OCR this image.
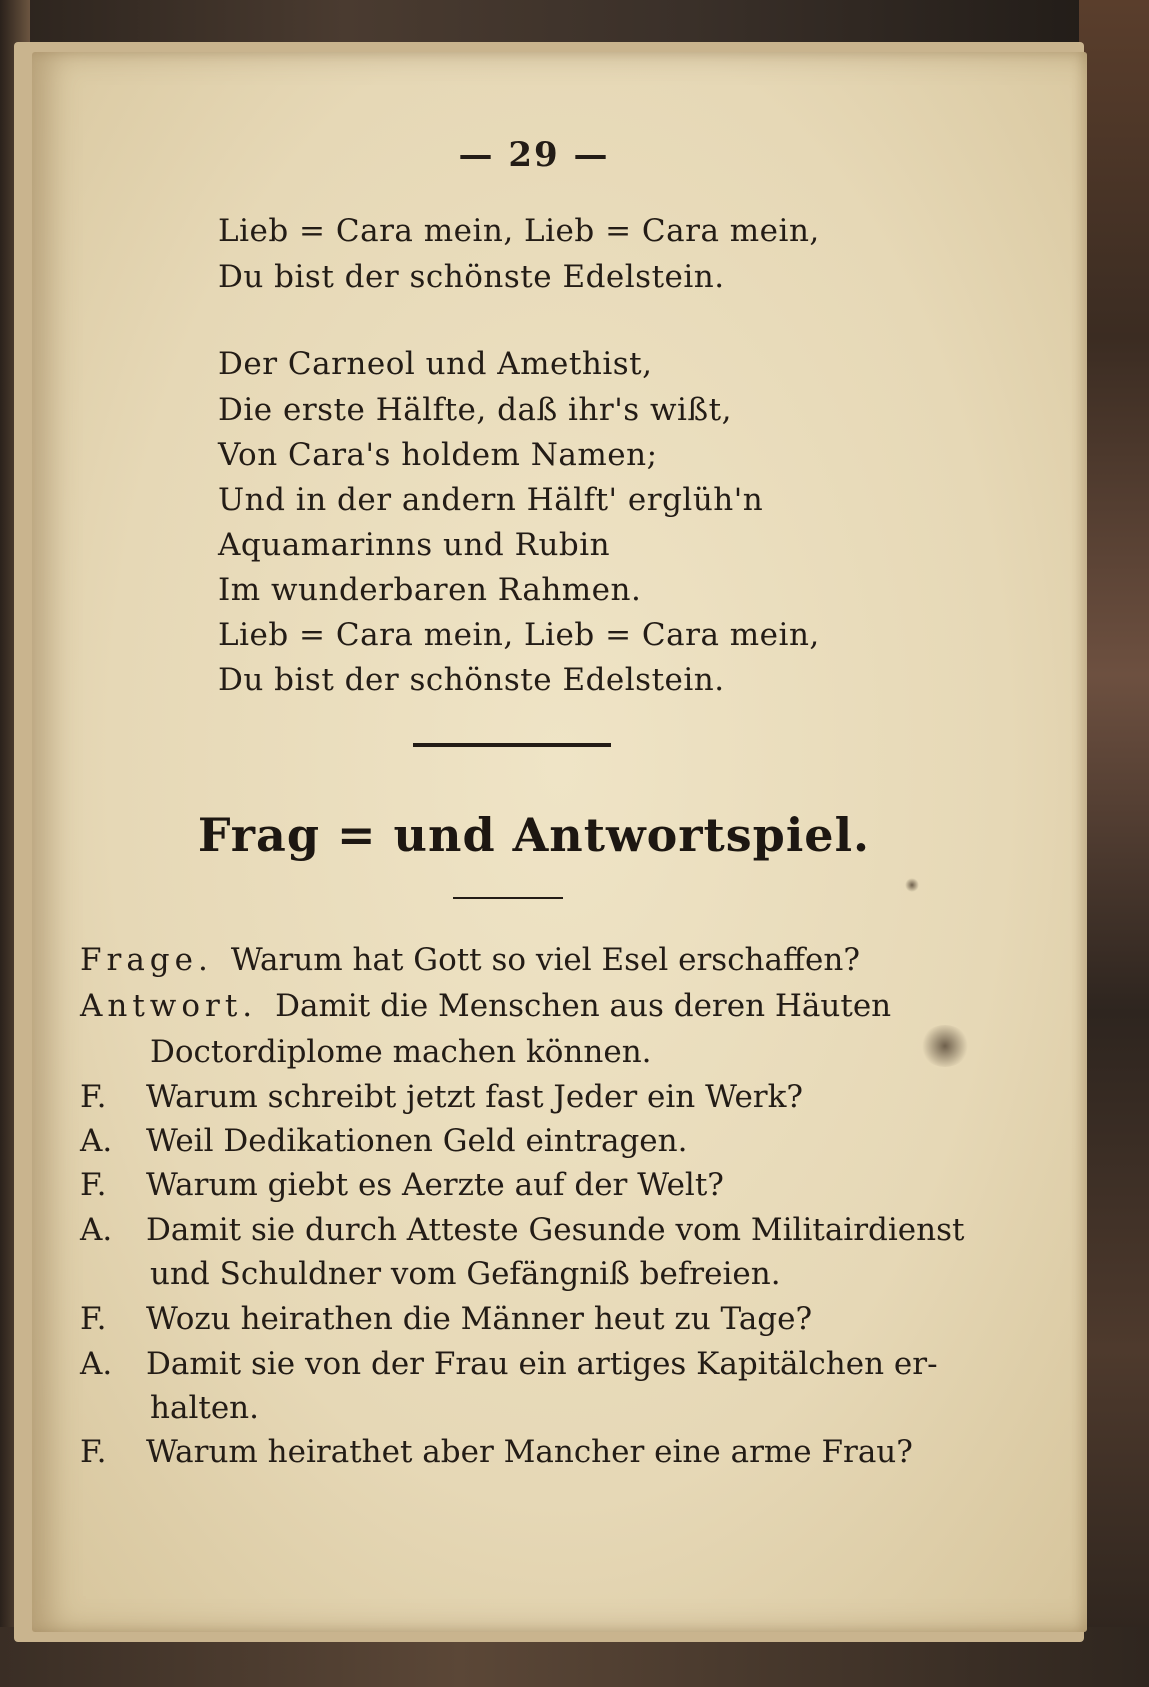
— 29 —
Lieb = Cara mein, Lieb = Cara mein,
Du bist der schönste Edelstein.
Der Carneol und Amethist,
Die erste Hälfte, daß ihr's wißt,
Von Cara's holdem Namen;
Und in der andern Hälft' erglüh'n
Aquamarinns und Rubin
Im wunderbaren Rahmen.
Lieb = Cara mein, Lieb = Cara mein,
Du bist der schönste Edelstein.
Frag = und Antwortspiel.
Frage. Warum hat Gott so viel Esel erschaffen?
Antwort. Damit die Menschen aus deren Häuten
Doctordiplome machen können.
F. Warum schreibt jetzt fast Jeder ein Werk?
A. Weil Dedikationen Geld eintragen.
F. Warum giebt es Aerzte auf der Welt?
A. Damit sie durch Atteste Gesunde vom Militairdienst
und Schuldner vom Gefängniß befreien.
F. Wozu heirathen die Männer heut zu Tage?
A. Damit sie von der Frau ein artiges Kapitälchen er-
halten.
F. Warum heirathet aber Mancher eine arme Frau?
